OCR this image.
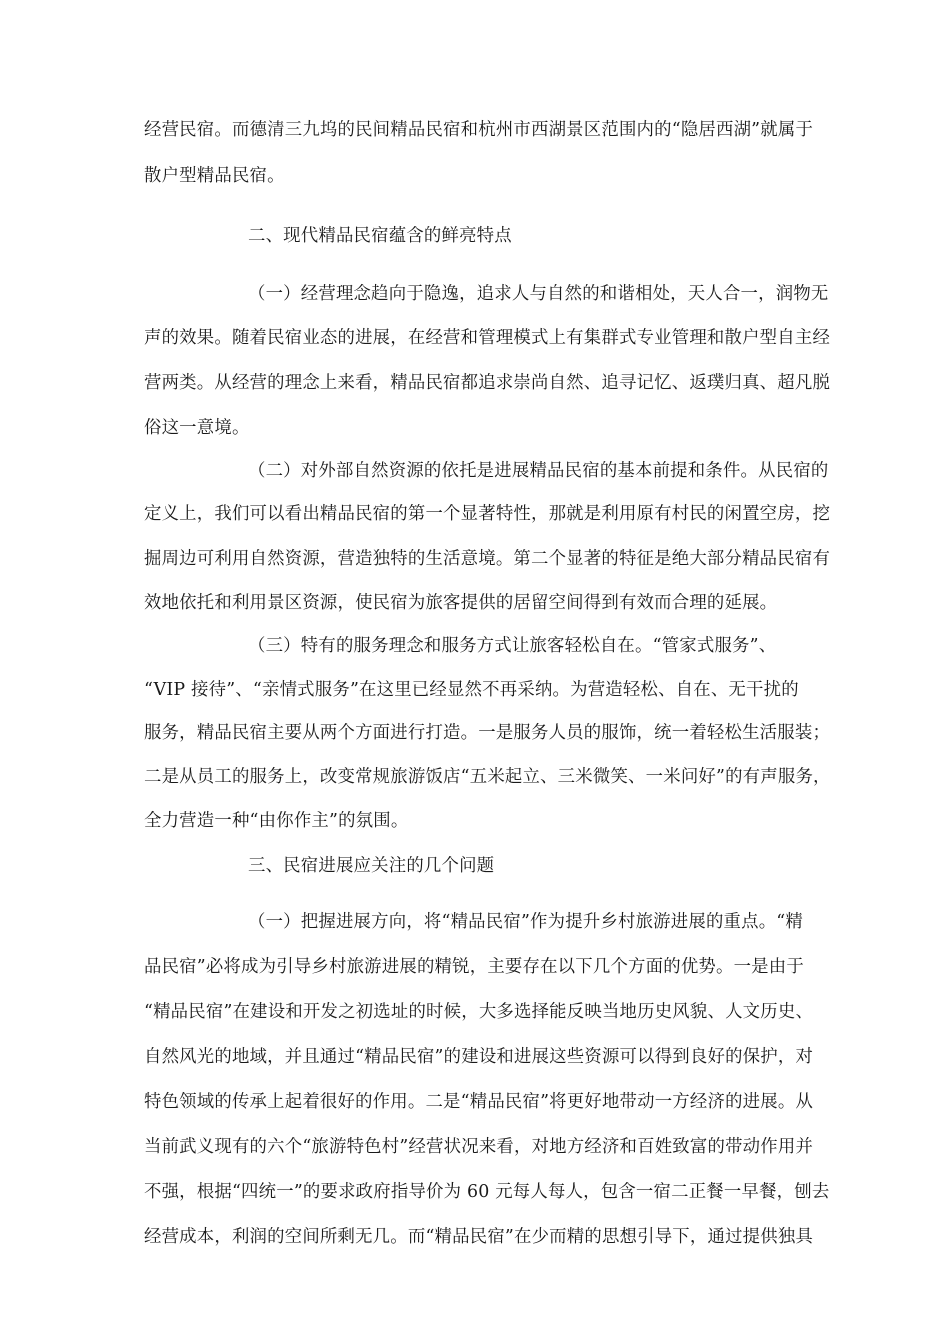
经营民宿。而德清三九坞的民间精品民宿和杭州市西湖景区范围内的“隐居西湖”就属于
散户型精品民宿。
二、现代精品民宿蕴含的鲜亮特点
（一）经营理念趋向于隐逸，追求人与自然的和谐相处，天人合一，润物无
声的效果。随着民宿业态的进展，在经营和管理模式上有集群式专业管理和散户型自主经
营两类。从经营的理念上来看，精品民宿都追求崇尚自然、追寻记忆、返璞归真、超凡脱
俗这一意境。
（二）对外部自然资源的依托是进展精品民宿的基本前提和条件。从民宿的
定义上，我们可以看出精品民宿的第一个显著特性，那就是利用原有村民的闲置空房，挖
掘周边可利用自然资源，营造独特的生活意境。第二个显著的特征是绝大部分精品民宿有
效地依托和利用景区资源，使民宿为旅客提供的居留空间得到有效而合理的延展。
（三）特有的服务理念和服务方式让旅客轻松自在。“管家式服务”、
“VIP 接待”、“亲情式服务”在这里已经显然不再采纳。为营造轻松、自在、无干扰的
服务，精品民宿主要从两个方面进行打造。一是服务人员的服饰，统一着轻松生活服装；
二是从员工的服务上，改变常规旅游饭店“五米起立、三米微笑、一米问好”的有声服务，
全力营造一种“由你作主”的氛围。
三、民宿进展应关注的几个问题
（一）把握进展方向，将“精品民宿”作为提升乡村旅游进展的重点。“精
品民宿”必将成为引导乡村旅游进展的精锐，主要存在以下几个方面的优势。一是由于
“精品民宿”在建设和开发之初选址的时候，大多选择能反映当地历史风貌、人文历史、
自然风光的地域，并且通过“精品民宿”的建设和进展这些资源可以得到良好的保护，对
特色领域的传承上起着很好的作用。二是“精品民宿”将更好地带动一方经济的进展。从
当前武义现有的六个“旅游特色村”经营状况来看，对地方经济和百姓致富的带动作用并
不强，根据“四统一”的要求政府指导价为 60 元每人每人，包含一宿二正餐一早餐，刨去
经营成本，利润的空间所剩无几。而“精品民宿”在少而精的思想引导下，通过提供独具
